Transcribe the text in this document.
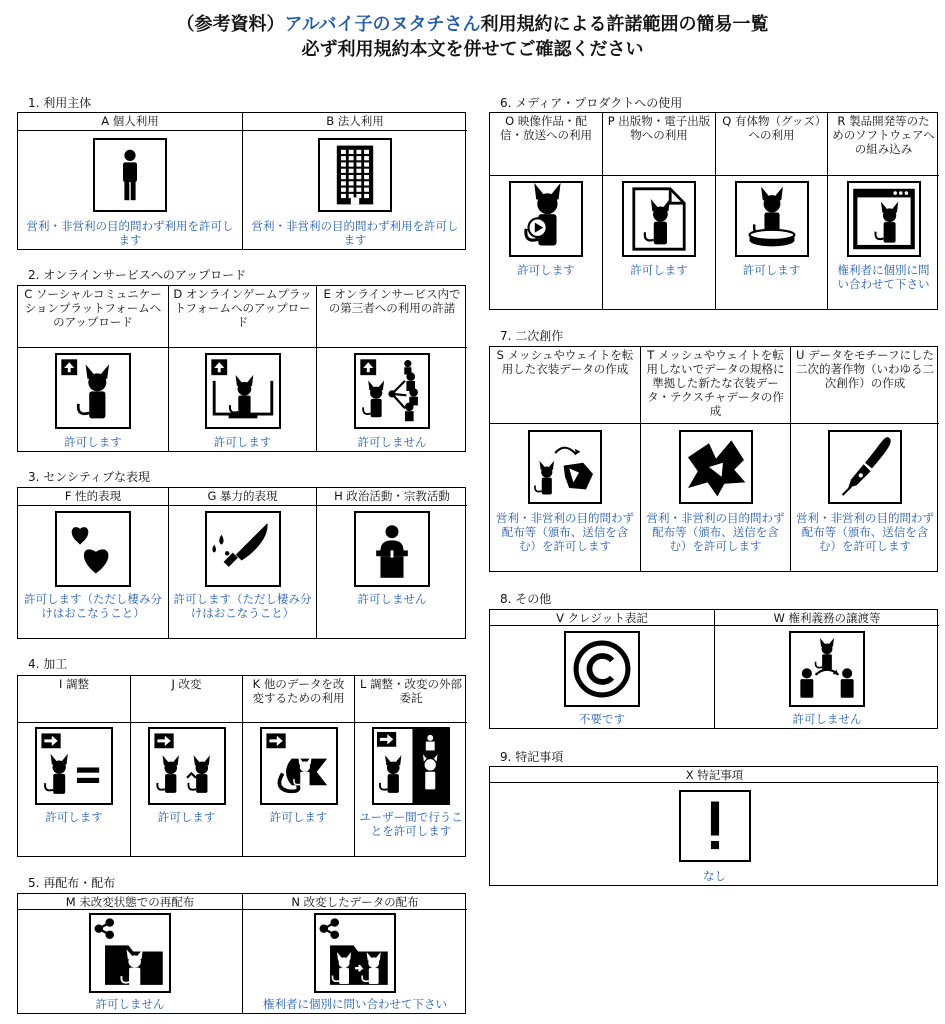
（参考資料）アルバイ子のヌタチさん利用規約による許諾範囲の簡易一覧
必ず利用規約本文を併せてご確認ください
1. 利用主体
A 個人利用
営利・非営利の目的問わず利用を許可します
B 法人利用
営利・非営利の目的問わず利用を許可します
2. オンラインサービスへのアップロード
C ソーシャルコミュニケーションプラットフォームへのアップロード
許可します
D オンラインゲームプラットフォームへのアップロード
許可します
E オンラインサービス内での第三者への利用の許諾
許可しません
3. センシティブな表現
F 性的表現
許可します（ただし棲み分けはおこなうこと）
G 暴力的表現
許可します（ただし棲み分けはおこなうこと）
H 政治活動・宗教活動
許可しません
4. 加工
I 調整
許可します
J 改変
許可します
K 他のデータを改変するための利用
許可します
L 調整・改変の外部委託
ユーザー間で行うことを許可します
5. 再配布・配布
M 未改変状態での再配布
許可しません
N 改変したデータの配布
権利者に個別に問い合わせて下さい
6. メディア・プロダクトへの使用
O 映像作品・配信・放送への利用
許可します
P 出版物・電子出版物への利用
許可します
Q 有体物（グッズ）への利用
許可します
R 製品開発等のためのソフトウェアへの組み込み
権利者に個別に問い合わせて下さい
7. 二次創作
S メッシュやウェイトを転用した衣装データの作成
営利・非営利の目的問わず配布等（頒布、送信を含む）を許可します
T メッシュやウェイトを転用しないでデータの規格に準拠した新たな衣装データ・テクスチャデータの作成
営利・非営利の目的問わず配布等（頒布、送信を含む）を許可します
U データをモチーフにした二次的著作物（いわゆる二次創作）の作成
営利・非営利の目的問わず配布等（頒布、送信を含む）を許可します
8. その他
V クレジット表記
不要です
W 権利義務の譲渡等
許可しません
9. 特記事項
X 特記事項
なし
